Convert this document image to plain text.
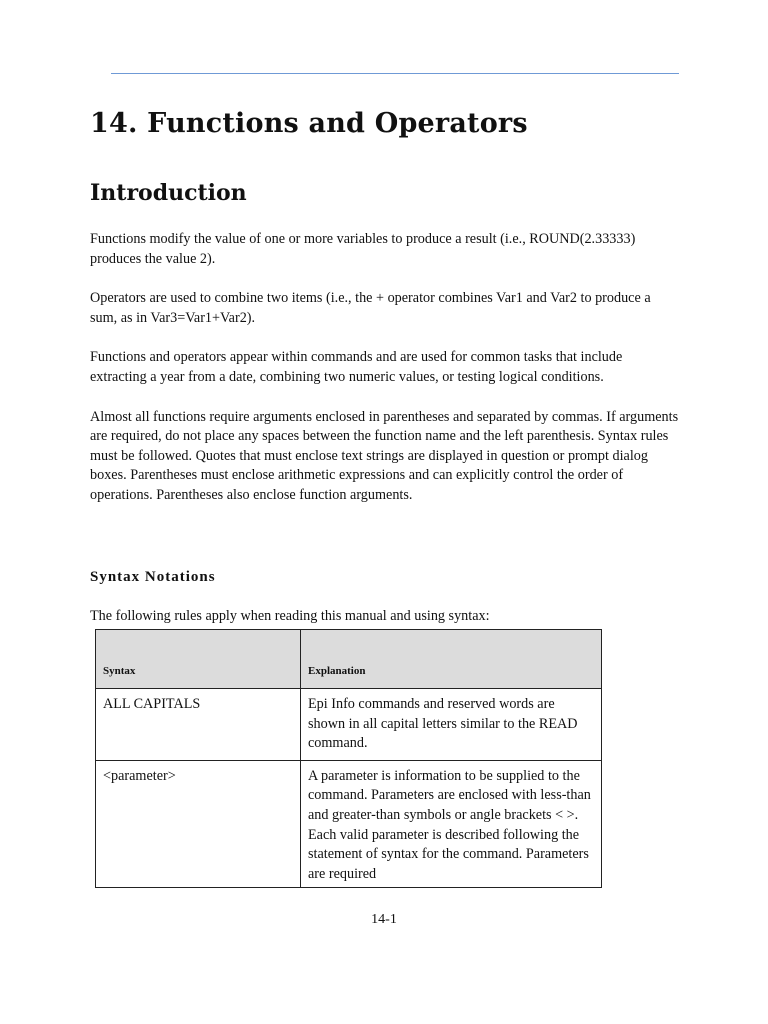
14. Functions and Operators
Introduction

Functions modify the value of one or more variables to produce a result (i.e., ROUND(2.33333) produces the value 2).

Operators are used to combine two items (i.e., the + operator combines Var1 and Var2 to produce a sum, as in Var3=Var1+Var2).

Functions and operators appear within commands and are used for common tasks that include extracting a year from a date, combining two numeric values, or testing logical conditions.

Almost all functions require arguments enclosed in parentheses and separated by commas. If arguments are required, do not place any spaces between the function name and the left parenthesis. Syntax rules must be followed. Quotes that must enclose text strings are displayed in question or prompt dialog boxes. Parentheses must enclose arithmetic expressions and can explicitly control the order of operations. Parentheses also enclose function arguments.

Syntax Notations

The following rules apply when reading this manual and using syntax:

Syntax	Explanation
ALL CAPITALS	Epi Info commands and reserved words are shown in all capital letters similar to the READ command.
<parameter>	A parameter is information to be supplied to the command. Parameters are enclosed with less-than and greater-than symbols or angle brackets < >. Each valid parameter is described following the statement of syntax for the command. Parameters are required
14-1
